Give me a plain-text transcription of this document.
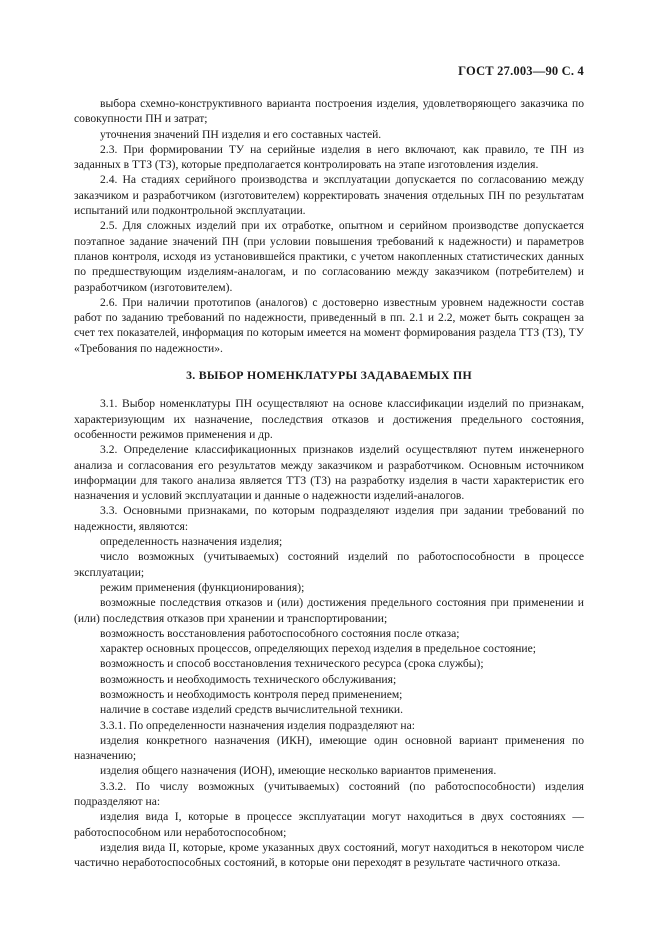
ГОСТ 27.003—90 С. 4

выбора схемно-конструктивного варианта построения изделия, удовлетворяющего заказчика по совокупности ПН и затрат;

уточнения значений ПН изделия и его составных частей.

2.3. При формировании ТУ на серийные изделия в него включают, как правило, те ПН из заданных в ТТЗ (ТЗ), которые предполагается контролировать на этапе изготовления изделия.

2.4. На стадиях серийного производства и эксплуатации допускается по согласованию между заказчиком и разработчиком (изготовителем) корректировать значения отдельных ПН по результатам испытаний или подконтрольной эксплуатации.

2.5. Для сложных изделий при их отработке, опытном и серийном производстве допускается поэтапное задание значений ПН (при условии повышения требований к надежности) и параметров планов контроля, исходя из установившейся практики, с учетом накопленных статистических данных по предшествующим изделиям-аналогам, и по согласованию между заказчиком (потребителем) и разработчиком (изготовителем).

2.6. При наличии прототипов (аналогов) с достоверно известным уровнем надежности состав работ по заданию требований по надежности, приведенный в пп. 2.1 и 2.2, может быть сокращен за счет тех показателей, информация по которым имеется на момент формирования раздела ТТЗ (ТЗ), ТУ «Требования по надежности».

3. ВЫБОР НОМЕНКЛАТУРЫ ЗАДАВАЕМЫХ ПН

3.1. Выбор номенклатуры ПН осуществляют на основе классификации изделий по признакам, характеризующим их назначение, последствия отказов и достижения предельного состояния, особенности режимов применения и др.

3.2. Определение классификационных признаков изделий осуществляют путем инженерного анализа и согласования его результатов между заказчиком и разработчиком. Основным источником информации для такого анализа является ТТЗ (ТЗ) на разработку изделия в части характеристик его назначения и условий эксплуатации и данные о надежности изделий-аналогов.

3.3. Основными признаками, по которым подразделяют изделия при задании требований по надежности, являются:

определенность назначения изделия;

число возможных (учитываемых) состояний изделий по работоспособности в процессе эксплуатации;

режим применения (функционирования);

возможные последствия отказов и (или) достижения предельного состояния при применении и (или) последствия отказов при хранении и транспортировании;

возможность восстановления работоспособного состояния после отказа;

характер основных процессов, определяющих переход изделия в предельное состояние;

возможность и способ восстановления технического ресурса (срока службы);

возможность и необходимость технического обслуживания;

возможность и необходимость контроля перед применением;

наличие в составе изделий средств вычислительной техники.

3.3.1. По определенности назначения изделия подразделяют на:

изделия конкретного назначения (ИКН), имеющие один основной вариант применения по назначению;

изделия общего назначения (ИОН), имеющие несколько вариантов применения.

3.3.2. По числу возможных (учитываемых) состояний (по работоспособности) изделия подразделяют на:

изделия вида I, которые в процессе эксплуатации могут находиться в двух состояниях — работоспособном или неработоспособном;

изделия вида II, которые, кроме указанных двух состояний, могут находиться в некотором числе частично неработоспособных состояний, в которые они переходят в результате частичного отказа.
